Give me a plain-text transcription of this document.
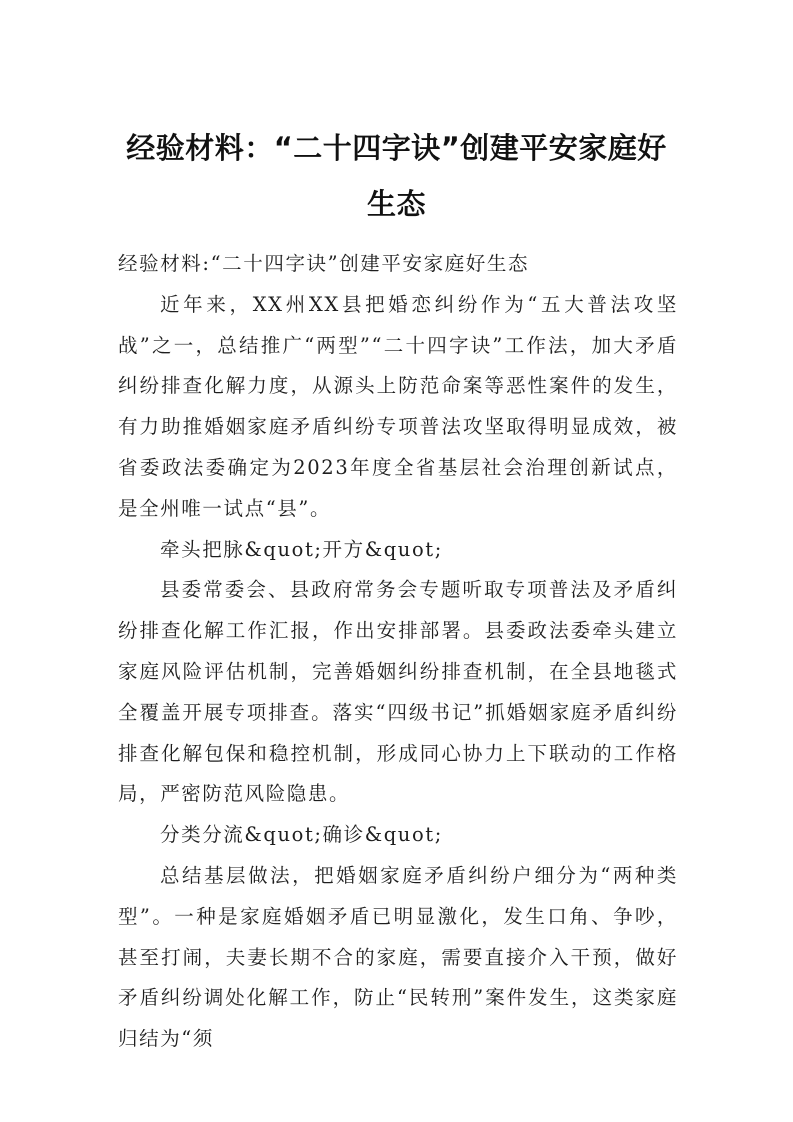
经验材料：“二十四字诀”创建平安家庭好
生态

经验材料:“二十四字诀”创建平安家庭好生态

近年来，XX州XX县把婚恋纠纷作为“五大普法攻坚战”之一，总结推广“两型”“二十四字诀”工作法，加大矛盾纠纷排查化解力度，从源头上防范命案等恶性案件的发生，有力助推婚姻家庭矛盾纠纷专项普法攻坚取得明显成效，被省委政法委确定为2023年度全省基层社会治理创新试点，是全州唯一试点“县”。

牵头把脉&quot;开方&quot;

县委常委会、县政府常务会专题听取专项普法及矛盾纠纷排查化解工作汇报，作出安排部署。县委政法委牵头建立家庭风险评估机制，完善婚姻纠纷排查机制，在全县地毯式全覆盖开展专项排查。落实“四级书记”抓婚姻家庭矛盾纠纷排查化解包保和稳控机制，形成同心协力上下联动的工作格局，严密防范风险隐患。

分类分流&quot;确诊&quot;

总结基层做法，把婚姻家庭矛盾纠纷户细分为“两种类型”。一种是家庭婚姻矛盾已明显激化，发生口角、争吵，甚至打闹，夫妻长期不合的家庭，需要直接介入干预，做好矛盾纠纷调处化解工作，防止“民转刑”案件发生，这类家庭归结为“须
